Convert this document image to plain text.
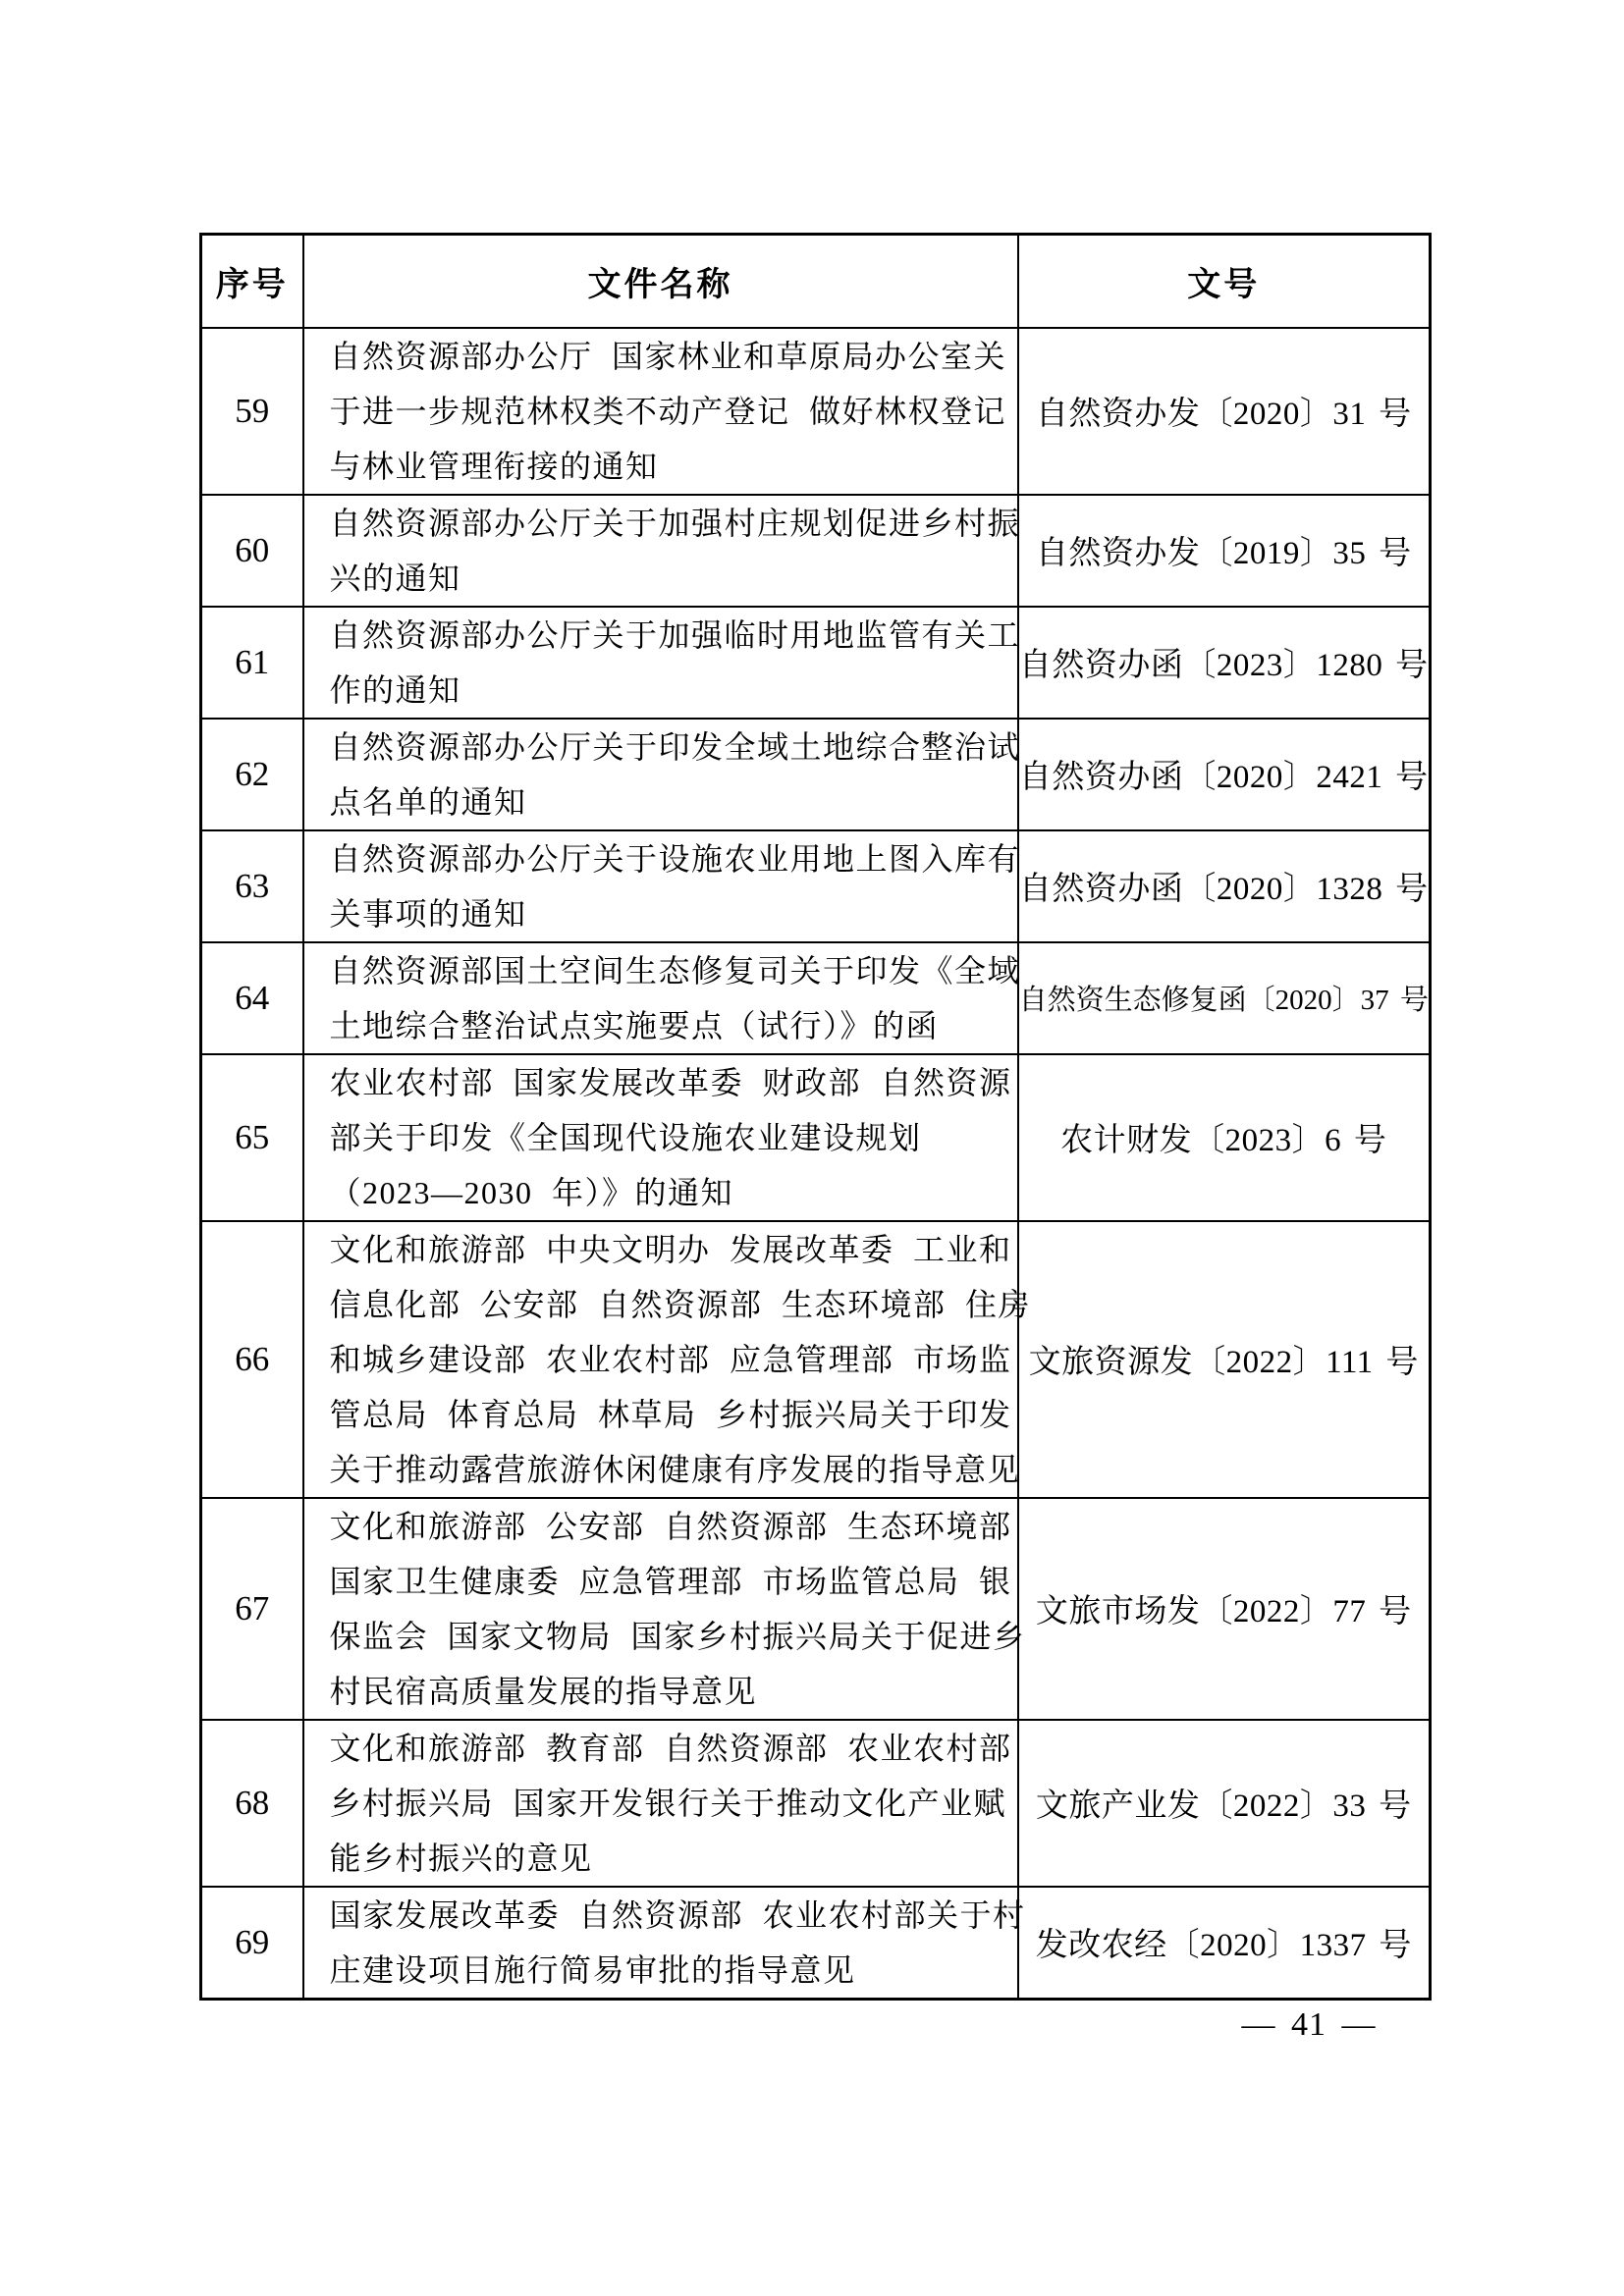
序号	文件名称	文号
59	自然资源部办公厅 国家林业和草原局办公室关
于进一步规范林权类不动产登记 做好林权登记
与林业管理衔接的通知	自然资办发〔2020〕31 号
60	自然资源部办公厅关于加强村庄规划促进乡村振
兴的通知	自然资办发〔2019〕35 号
61	自然资源部办公厅关于加强临时用地监管有关工
作的通知	自然资办函〔2023〕1280 号
62	自然资源部办公厅关于印发全域土地综合整治试
点名单的通知	自然资办函〔2020〕2421 号
63	自然资源部办公厅关于设施农业用地上图入库有
关事项的通知	自然资办函〔2020〕1328 号
64	自然资源部国土空间生态修复司关于印发《全域
土地综合整治试点实施要点（试行）》的函	自然资生态修复函〔2020〕37 号
65	农业农村部 国家发展改革委 财政部 自然资源
部关于印发《全国现代设施农业建设规划
（2023—2030 年）》的通知	农计财发〔2023〕6 号
66	文化和旅游部 中央文明办 发展改革委 工业和
信息化部 公安部 自然资源部 生态环境部 住房
和城乡建设部 农业农村部 应急管理部 市场监
管总局 体育总局 林草局 乡村振兴局关于印发
关于推动露营旅游休闲健康有序发展的指导意见	文旅资源发〔2022〕111 号
67	文化和旅游部 公安部 自然资源部 生态环境部
国家卫生健康委 应急管理部 市场监管总局 银
保监会 国家文物局 国家乡村振兴局关于促进乡
村民宿高质量发展的指导意见	文旅市场发〔2022〕77 号
68	文化和旅游部 教育部 自然资源部 农业农村部
乡村振兴局 国家开发银行关于推动文化产业赋
能乡村振兴的意见	文旅产业发〔2022〕33 号
69	国家发展改革委 自然资源部 农业农村部关于村
庄建设项目施行简易审批的指导意见	发改农经〔2020〕1337 号
— 41 —
